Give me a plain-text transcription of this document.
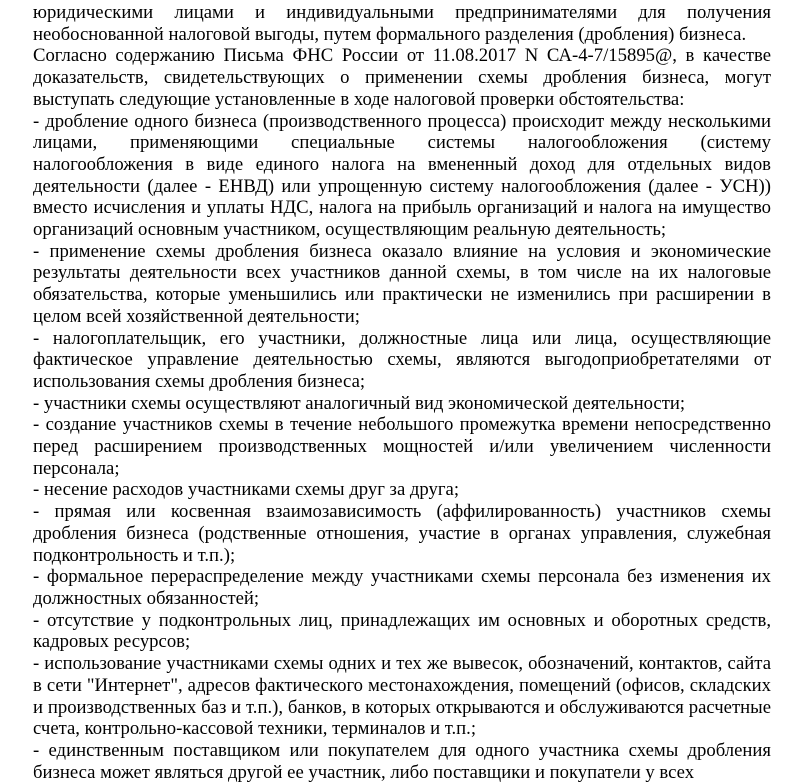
юридическими лицами и индивидуальными предпринимателями для получения необоснованной налоговой выгоды, путем формального разделения (дробления) бизнеса.

Согласно содержанию Письма ФНС России от 11.08.2017 N СА-4-7/15895@, в качестве доказательств, свидетельствующих о применении схемы дробления бизнеса, могут выступать следующие установленные в ходе налоговой проверки обстоятельства:

- дробление одного бизнеса (производственного процесса) происходит между несколькими лицами, применяющими специальные системы налогообложения (систему налогообложения в виде единого налога на вмененный доход для отдельных видов деятельности (далее - ЕНВД) или упрощенную систему налогообложения (далее - УСН)) вместо исчисления и уплаты НДС, налога на прибыль организаций и налога на имущество организаций основным участником, осуществляющим реальную деятельность;

- применение схемы дробления бизнеса оказало влияние на условия и экономические результаты деятельности всех участников данной схемы, в том числе на их налоговые обязательства, которые уменьшились или практически не изменились при расширении в целом всей хозяйственной деятельности;

- налогоплательщик, его участники, должностные лица или лица, осуществляющие фактическое управление деятельностью схемы, являются выгодоприобретателями от использования схемы дробления бизнеса;

- участники схемы осуществляют аналогичный вид экономической деятельности;

- создание участников схемы в течение небольшого промежутка времени непосредственно перед расширением производственных мощностей и/или увеличением численности персонала;

- несение расходов участниками схемы друг за друга;

- прямая или косвенная взаимозависимость (аффилированность) участников схемы дробления бизнеса (родственные отношения, участие в органах управления, служебная подконтрольность и т.п.);

- формальное перераспределение между участниками схемы персонала без изменения их должностных обязанностей;

- отсутствие у подконтрольных лиц, принадлежащих им основных и оборотных средств, кадровых ресурсов;

- использование участниками схемы одних и тех же вывесок, обозначений, контактов, сайта в сети "Интернет", адресов фактического местонахождения, помещений (офисов, складских и производственных баз и т.п.), банков, в которых открываются и обслуживаются расчетные счета, контрольно-кассовой техники, терминалов и т.п.;

- единственным поставщиком или покупателем для одного участника схемы дробления бизнеса может являться другой ее участник, либо поставщики и покупатели у всех
